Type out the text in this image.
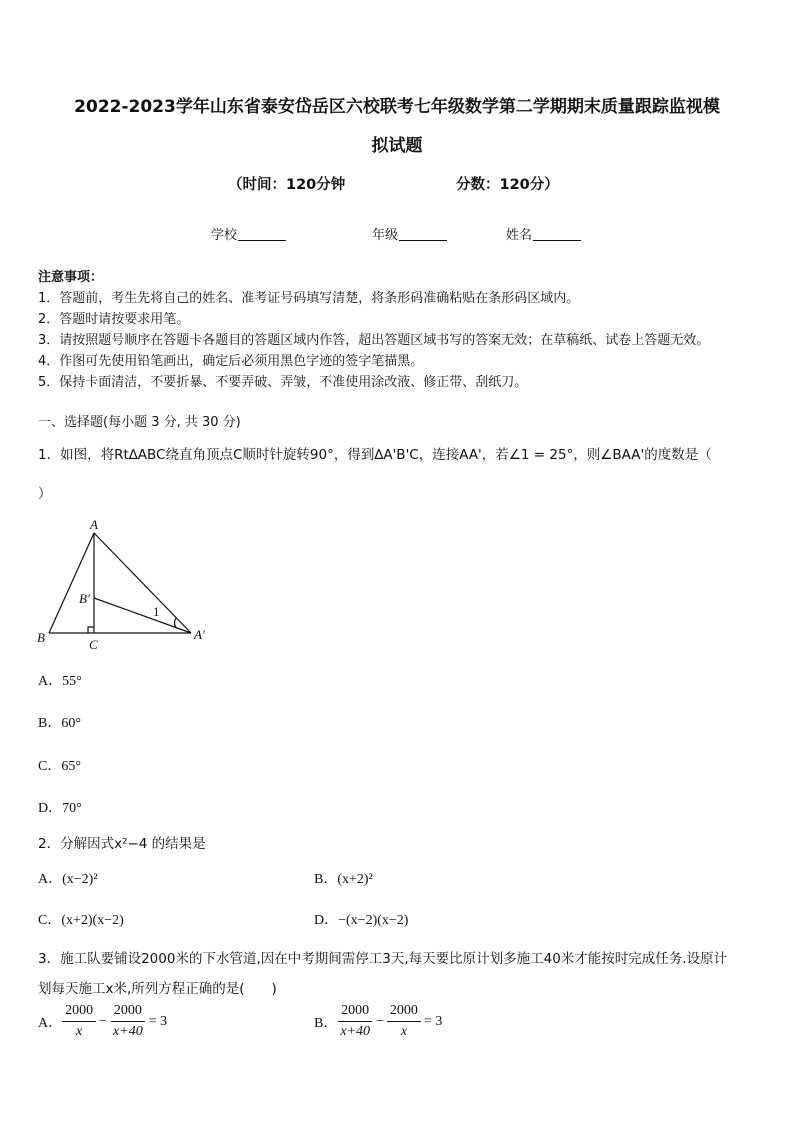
2022-2023学年山东省泰安岱岳区六校联考七年级数学第二学期期末质量跟踪监视模
拟试题
（时间：120分钟	分数：120分）
学校	年级	姓名
注意事项：
1．答题前，考生先将自己的姓名、准考证号码填写清楚，将条形码准确粘贴在条形码区域内。
2．答题时请按要求用笔。
3．请按照题号顺序在答题卡各题目的答题区域内作答，超出答题区域书写的答案无效；在草稿纸、试卷上答题无效。
4．作图可先使用铅笔画出，确定后必须用黑色字迹的签字笔描黑。
5．保持卡面清洁，不要折暴、不要弄破、弄皱，不准使用涂改液、修正带、刮纸刀。
一、选择题(每小题 3 分, 共 30 分)
1．如图，将Rt∆ABC绕直角顶点C顺时针旋转90°，得到∆A'B'C，连接AA'，若∠1 = 25°，则∠BAA'的度数是（
）
A
B′
1
B	C
A′
A．55°
B．60°
C．65°
D．70°
2．分解因式x²−4 的结果是
A．(x−2)²	B．(x+2)²
C．(x+2)(x−2)	D．−(x−2)(x−2)
3．施工队要铺设2000米的下水管道,因在中考期间需停工3天,每天要比原计划多施工40米才能按时完成任务.设原计
划每天施工x米,所列方程正确的是(　　)
A． $\frac{2000}{x} - \frac{2000}{x+40} = 3$	B． $\frac{2000}{x+40} - \frac{2000}{x} = 3$
